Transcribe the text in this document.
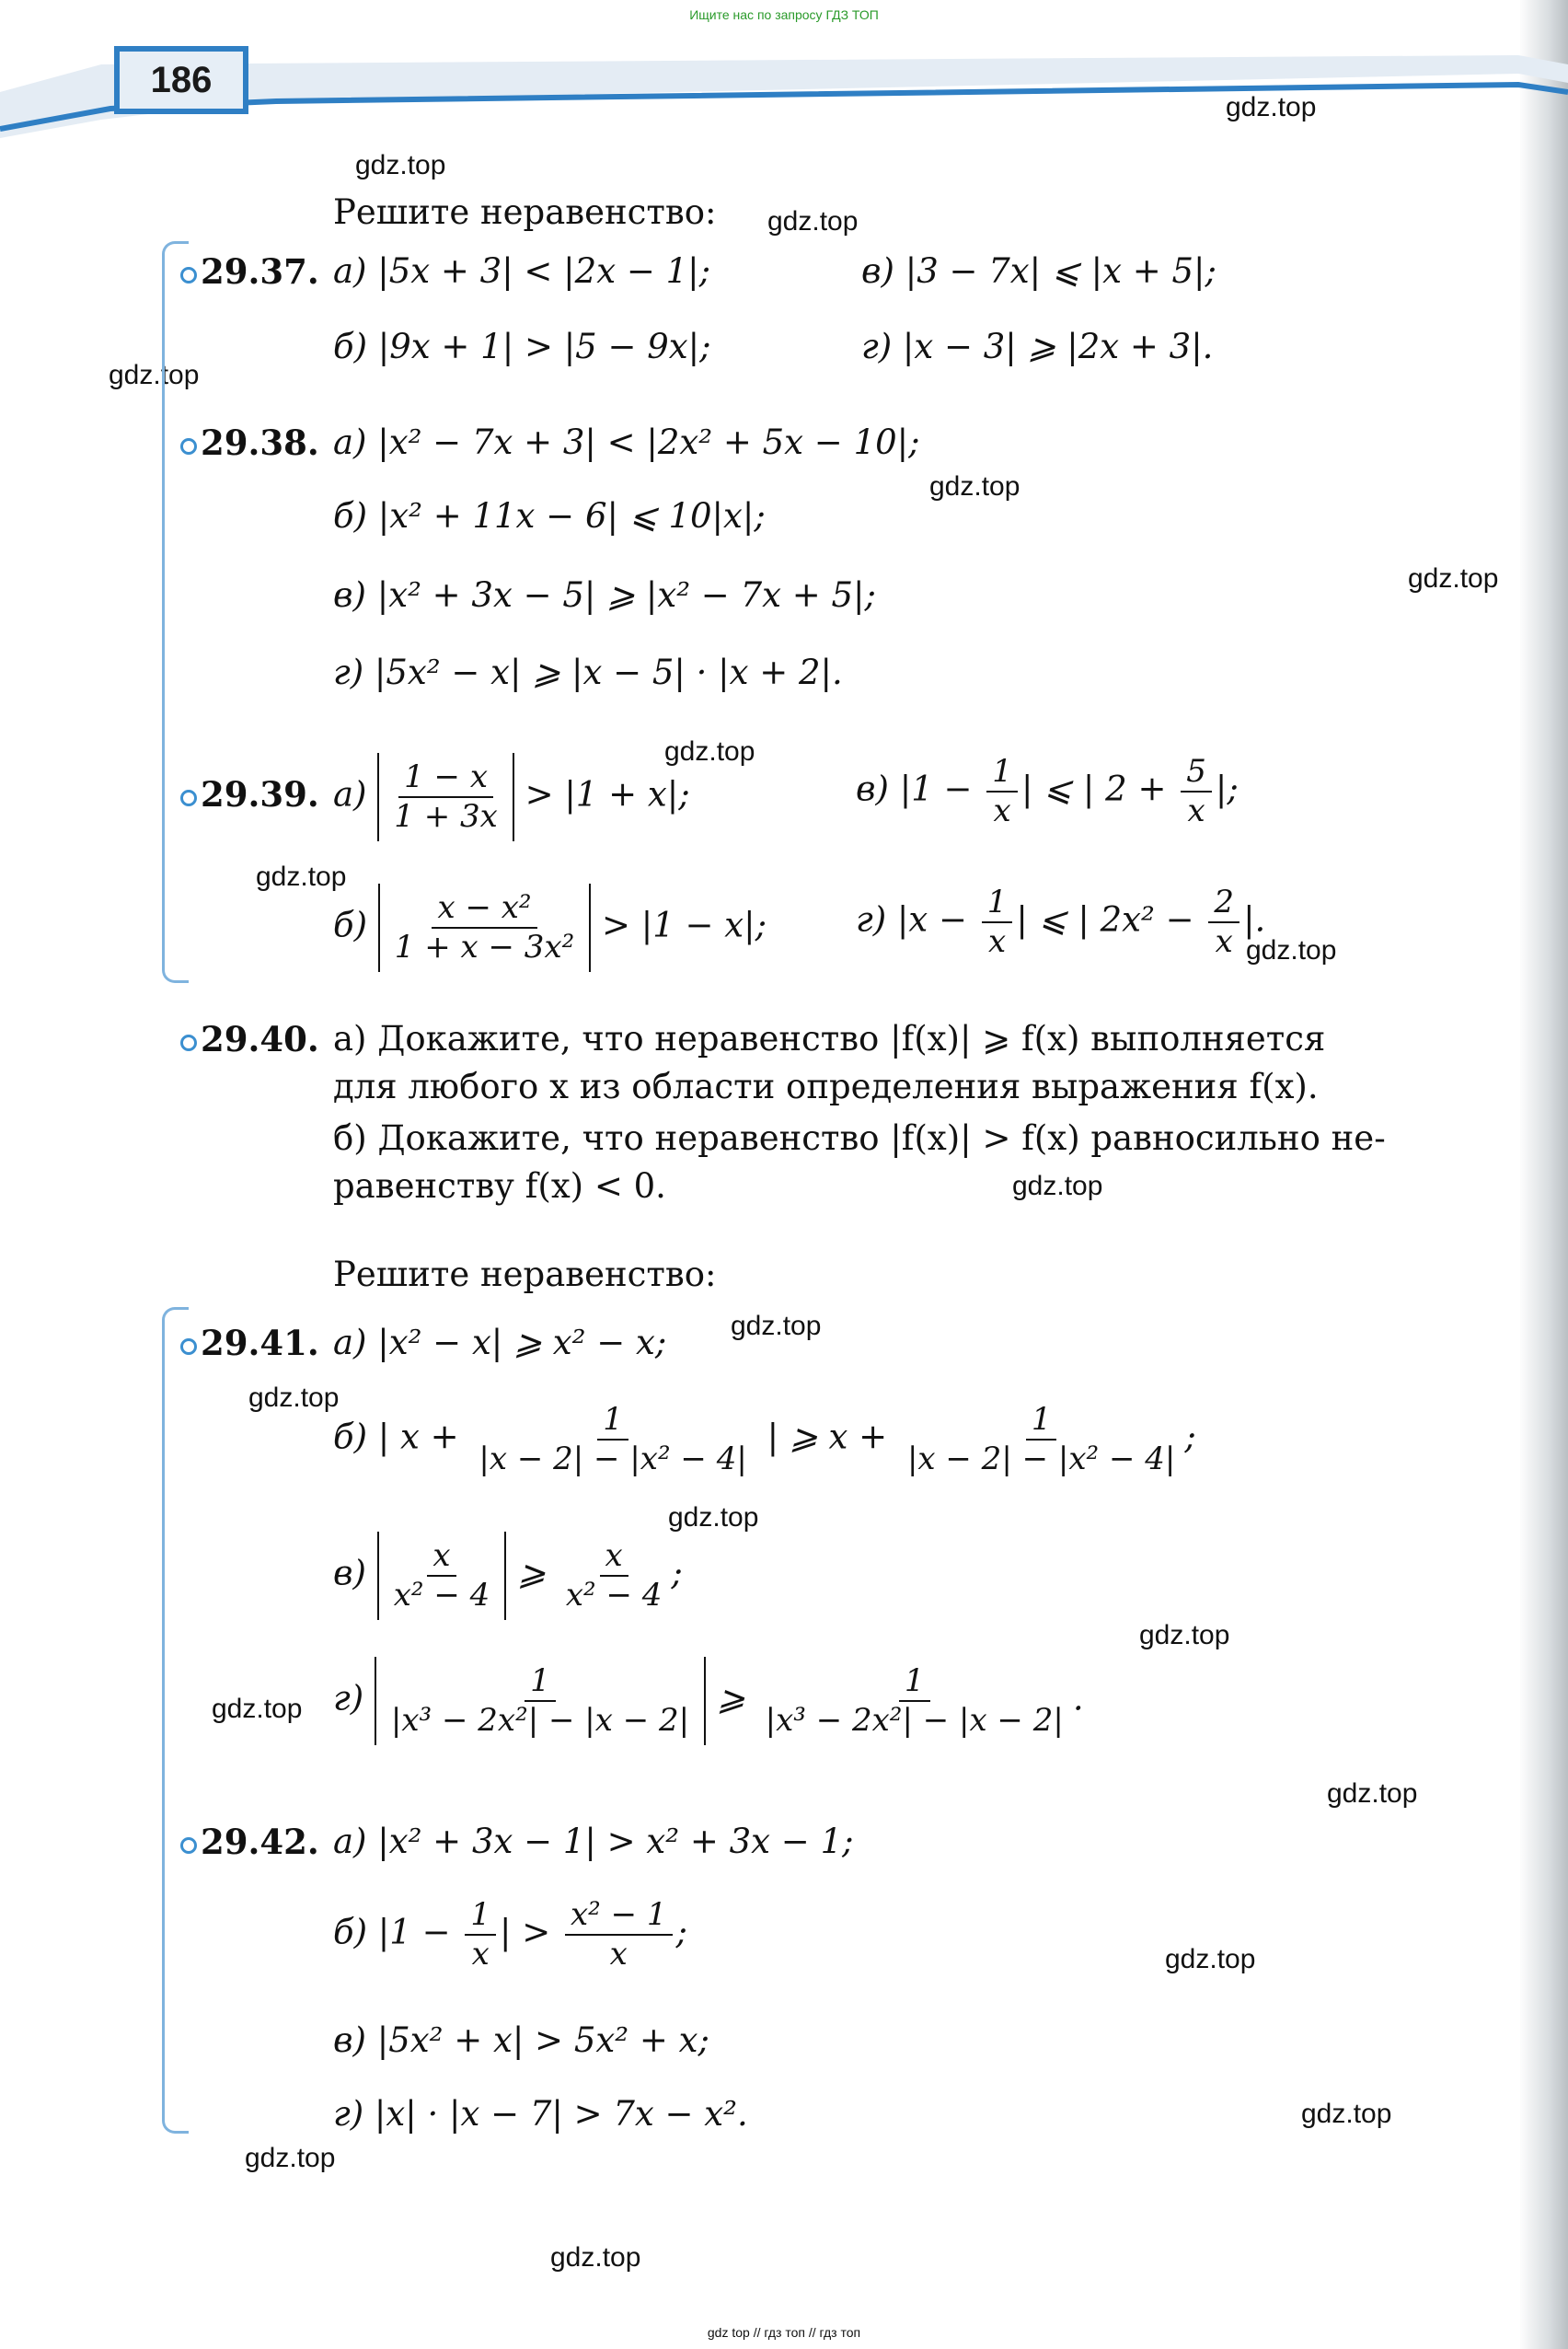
Ищите нас по запросу ГДЗ ТОП
186
gdz.top
gdz.top
gdz.top
gdz.top
gdz.top
gdz.top
gdz.top
gdz.top
gdz.top
gdz.top
gdz.top
gdz.top
gdz.top
gdz.top
gdz.top
gdz.top
gdz.top
gdz.top
gdz.top
gdz.top
Решите неравенство:
29.37. а) |5x + 3| < |2x − 1|;	в) |3 − 7x| ⩽ |x + 5|;
б) |9x + 1| > |5 − 9x|;	г) |x − 3| ⩾ |2x + 3|.
29.38. а) |x² − 7x + 3| < |2x² + 5x − 10|;
б) |x² + 11x − 6| ⩽ 10|x|;
в) |x² + 3x − 5| ⩾ |x² − 7x + 5|;
г) |5x² − x| ⩾ |x − 5| · |x + 2|.
29.39. $а) \frac{1 - x}{1 + 3x} > |1 + x|$;	в) $|1 - \frac{1}{x}$ | ⩽ | $2 + \frac{5}{x}$ |;
$б) \frac{\text{x − x²}}{\text{1 + x − 3x²}} > |1 - x|$;	г) $|x - \frac{1}{x}$ | ⩽ | $2x^2 - \frac{2}{x}$ |.
29.40. а) Докажите, что неравенство |f(x)| ⩾ f(x) выполняется
для любого x из области определения выражения f(x).
б) Докажите, что неравенство |f(x)| > f(x) равносильно не-
равенству f(x) < 0.
Решите неравенство:
29.41. а) |x² − x| ⩾ x² − x;
б) | $x + \frac{1}{\text{|x − 2| − |x² − 4|}}$ | ⩾ $x + \frac{1}{\text{|x − 2| − |x² − 4|}}$ ;
$в) \frac{x}{\text{x² − 4}}$ ⩾ $\frac{x}{\text{x² − 4}}$ ;
$г) \frac{1}{\text{|x³ − 2x²| − |x − 2|}}$ ⩾ $\frac{1}{\text{|x³ − 2x²| − |x − 2|}}$ .
29.42. а) |x² + 3x − 1| > x² + 3x − 1;
б) $|1 - \frac{1}{x}$ | > $\frac{\text{x² − 1}}{x}$ ;
в) |5x² + x| > 5x² + x;
г) |x| · |x − 7| > 7x − x².
gdz top // гдз топ // гдз топ
